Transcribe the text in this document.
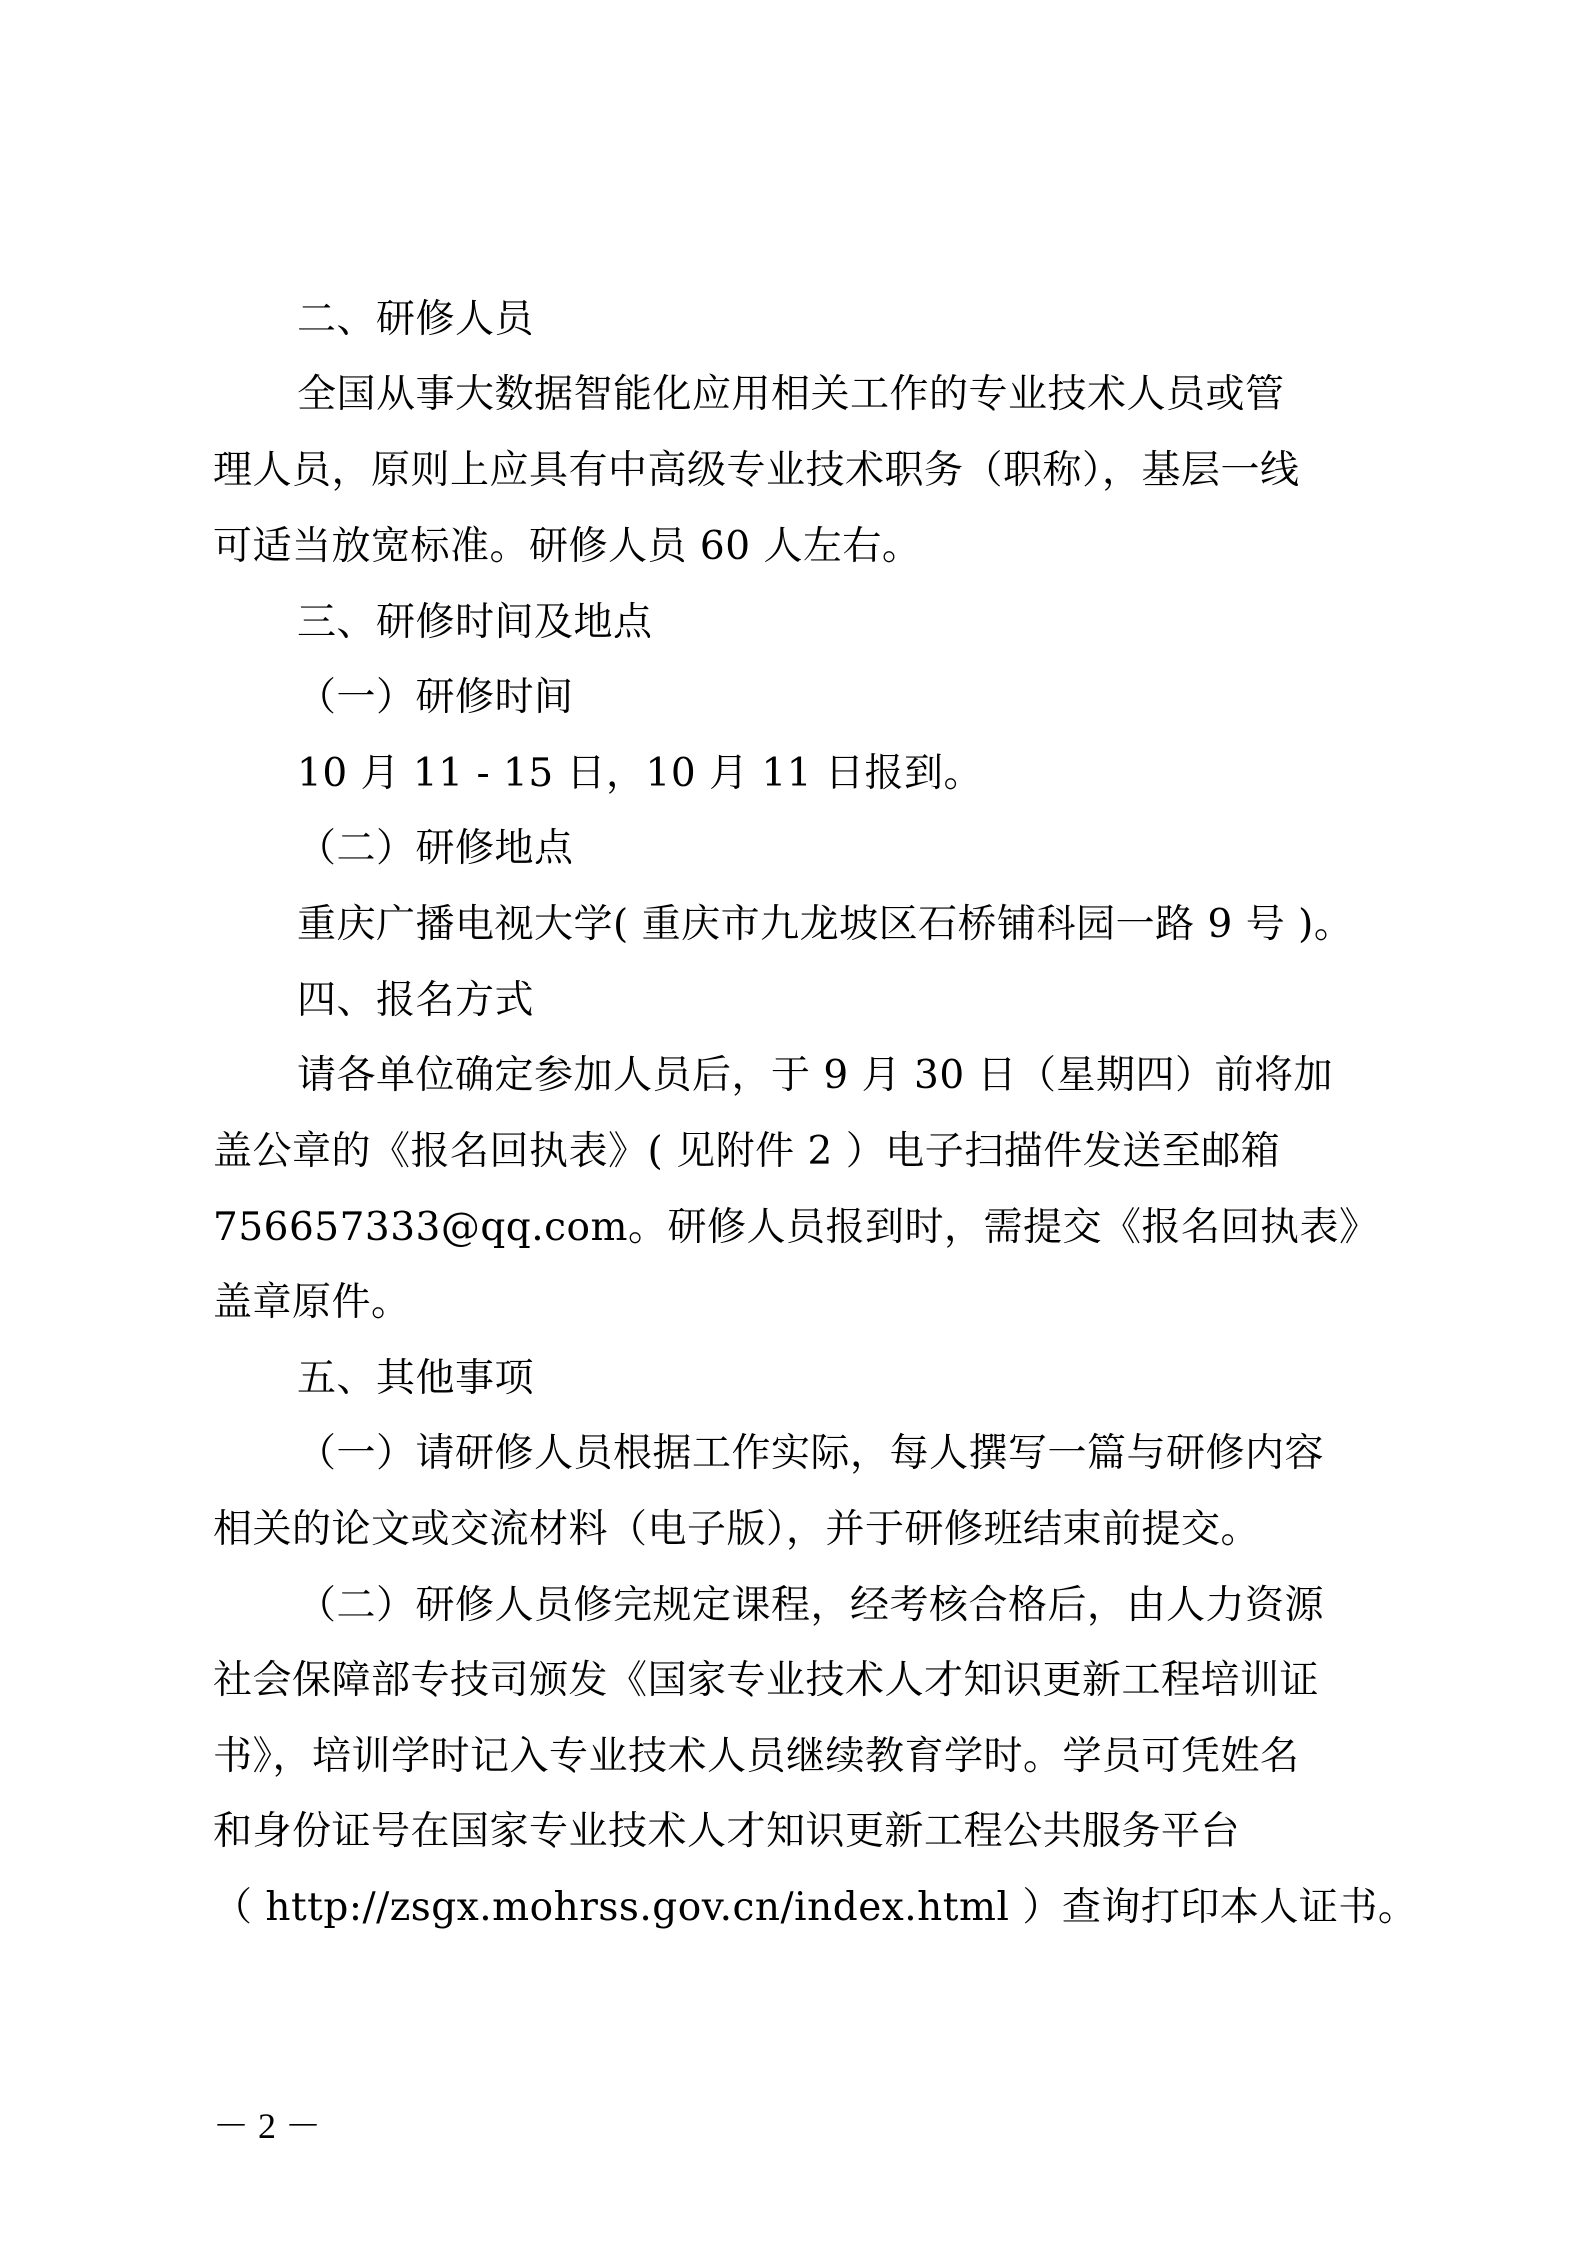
二、研修人员
全国从事大数据智能化应用相关工作的专业技术人员或管
理人员，原则上应具有中高级专业技术职务（职称），基层一线
可适当放宽标准。研修人员 60 人左右。
三、研修时间及地点
（一）研修时间
10 月 11 - 15 日，10 月 11 日报到。
（二）研修地点
重庆广播电视大学( 重庆市九龙坡区石桥铺科园一路 9 号 )。
四、报名方式
请各单位确定参加人员后，于 9 月 30 日（星期四）前将加
盖公章的《报名回执表》( 见附件 2 ）电子扫描件发送至邮箱
756657333@qq.com。研修人员报到时，需提交《报名回执表》
盖章原件。
五、其他事项
（一）请研修人员根据工作实际，每人撰写一篇与研修内容
相关的论文或交流材料（电子版），并于研修班结束前提交。
（二）研修人员修完规定课程，经考核合格后，由人力资源
社会保障部专技司颁发《国家专业技术人才知识更新工程培训证
书》，培训学时记入专业技术人员继续教育学时。学员可凭姓名
和身份证号在国家专业技术人才知识更新工程公共服务平台
（ http://zsgx.mohrss.gov.cn/index.html ）查询打印本人证书。
－ 2 －
